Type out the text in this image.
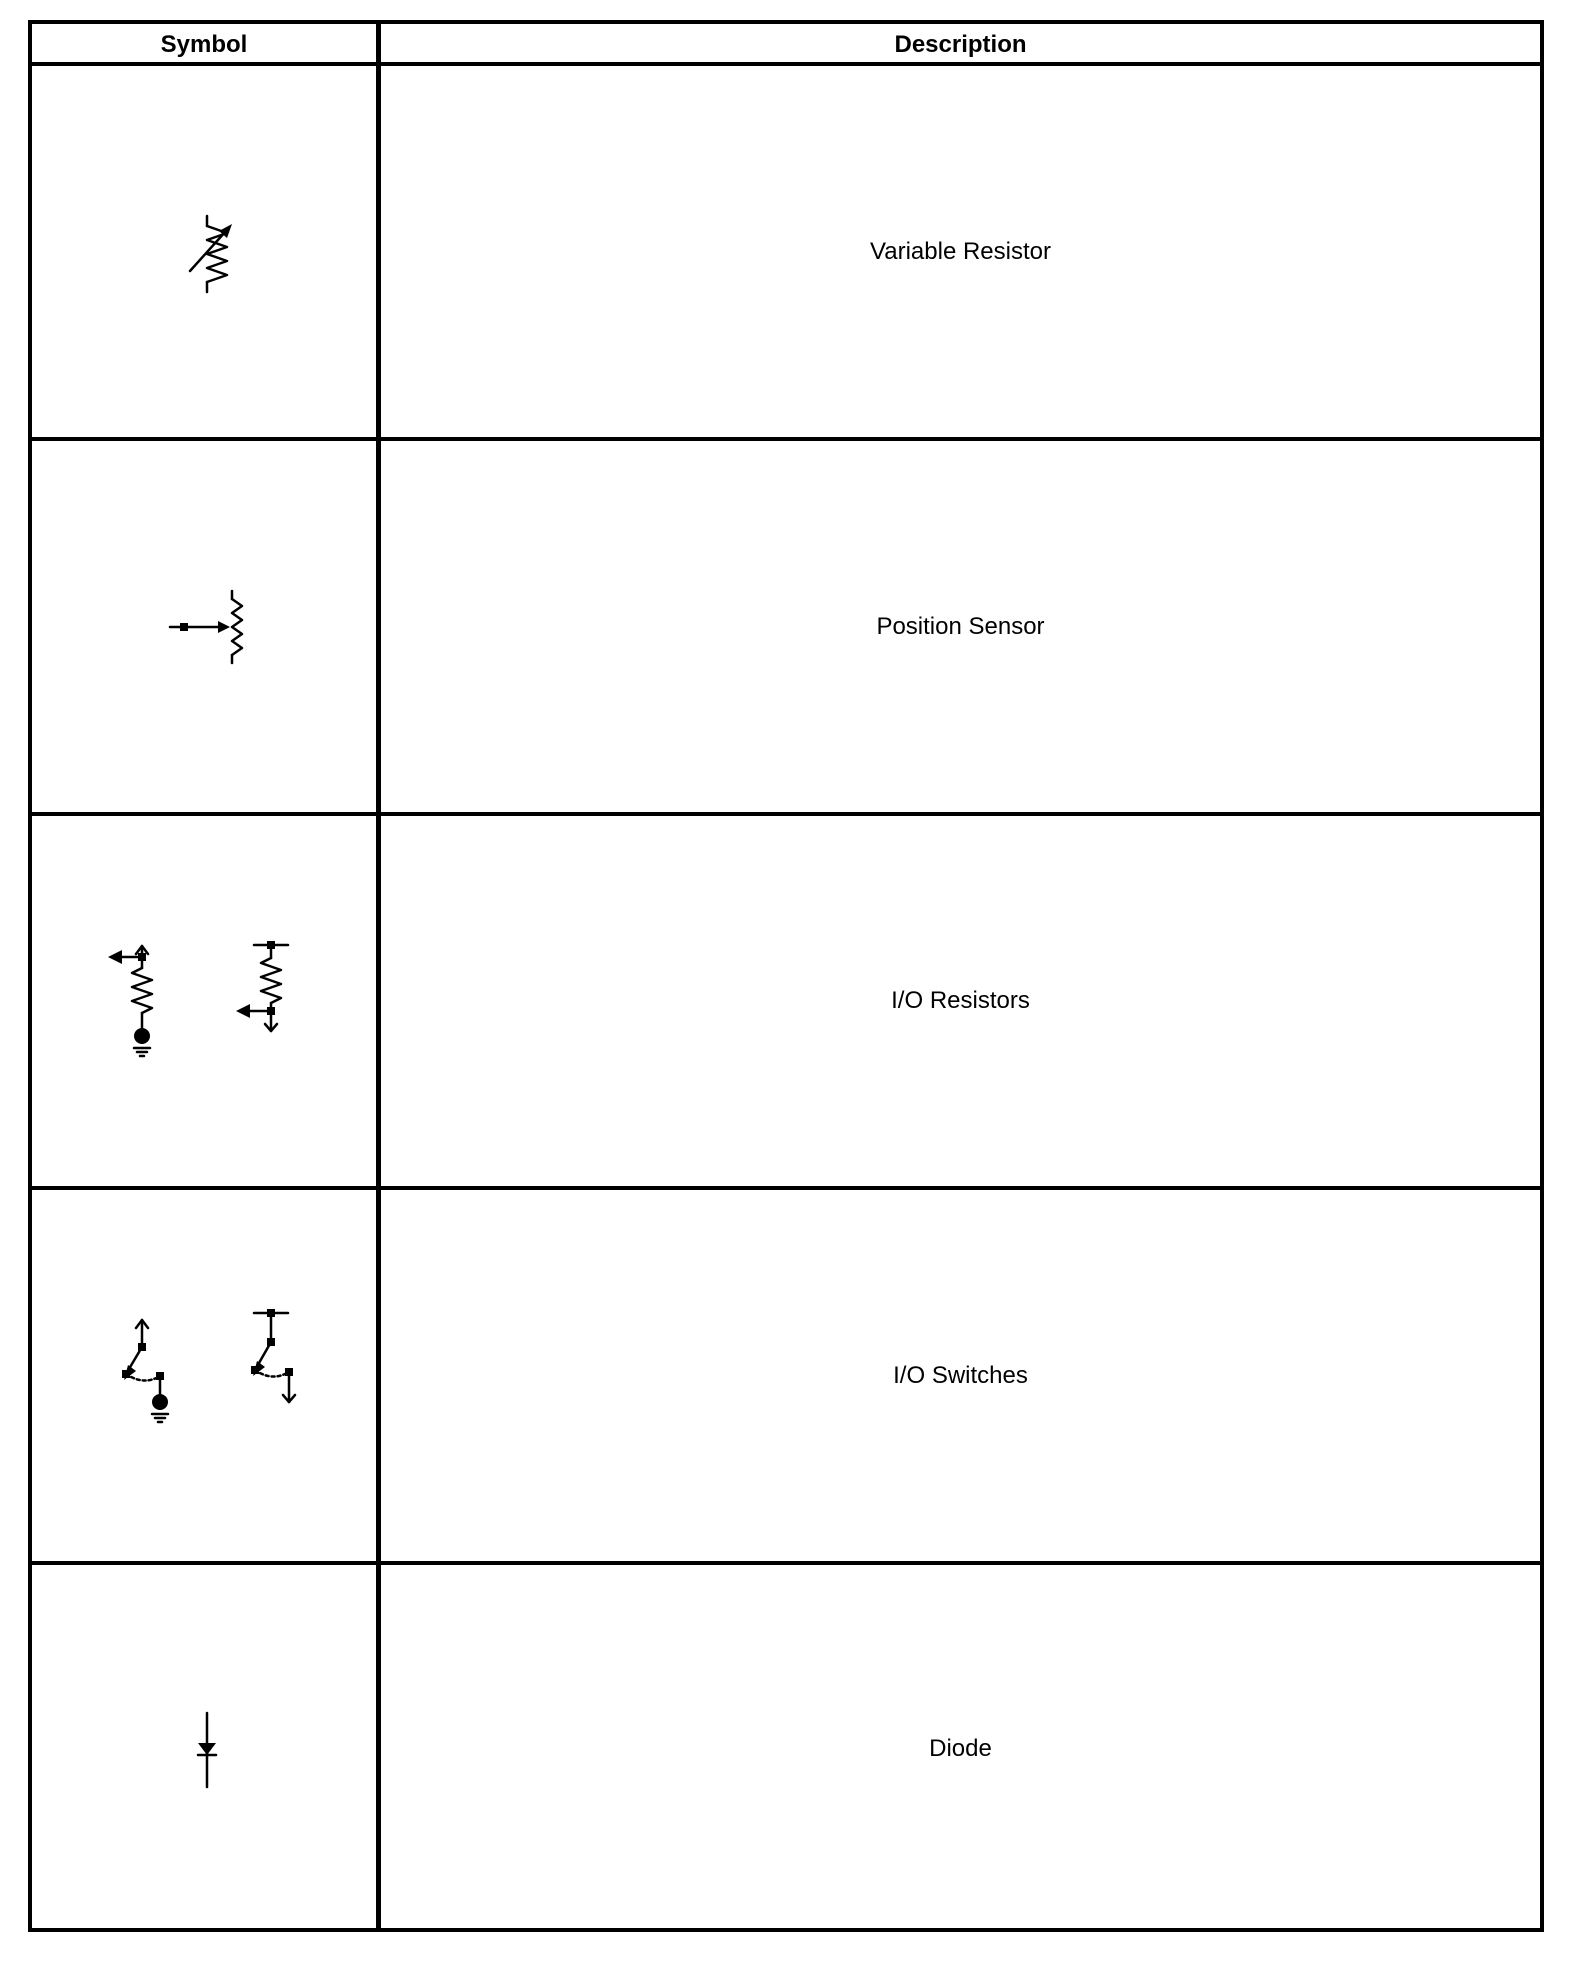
Symbol	Description
Variable Resistor
Position Sensor
I/O Resistors
I/O Switches
Diode
